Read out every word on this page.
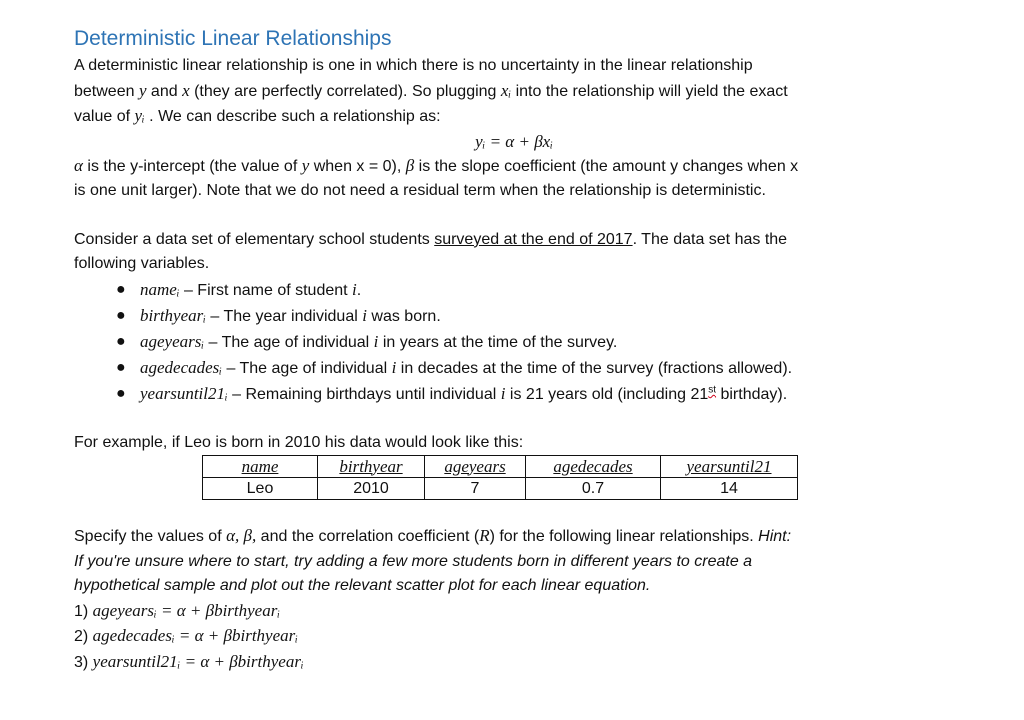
Deterministic Linear Relationships

A deterministic linear relationship is one in which there is no uncertainty in the linear relationship
between y and x (they are perfectly correlated). So plugging xᵢ into the relationship will yield the exact
value of yᵢ . We can describe such a relationship as:

yᵢ = α + βxᵢ

α is the y-intercept (the value of y when x = 0), β is the slope coefficient (the amount y changes when x
is one unit larger). Note that we do not need a residual term when the relationship is deterministic.

Consider a data set of elementary school students surveyed at the end of 2017. The data set has the
following variables.

● nameᵢ – First name of student i.
● birthyearᵢ – The year individual i was born.
● ageyearsᵢ – The age of individual i in years at the time of the survey.
● agedecadesᵢ – The age of individual i in decades at the time of the survey (fractions allowed).
● yearsuntil21ᵢ – Remaining birthdays until individual i is 21 years old (including 21st birthday).

For example, if Leo is born in 2010 his data would look like this:

name	birthyear	ageyears	agedecades	yearsuntil21
Leo	2010	7	0.7	14

Specify the values of α, β, and the correlation coefficient (R) for the following linear relationships. Hint:
If you're unsure where to start, try adding a few more students born in different years to create a
hypothetical sample and plot out the relevant scatter plot for each linear equation.

1) ageyearsᵢ = α + βbirthyearᵢ
2) agedecadesᵢ = α + βbirthyearᵢ
3) yearsuntil21ᵢ = α + βbirthyearᵢ
